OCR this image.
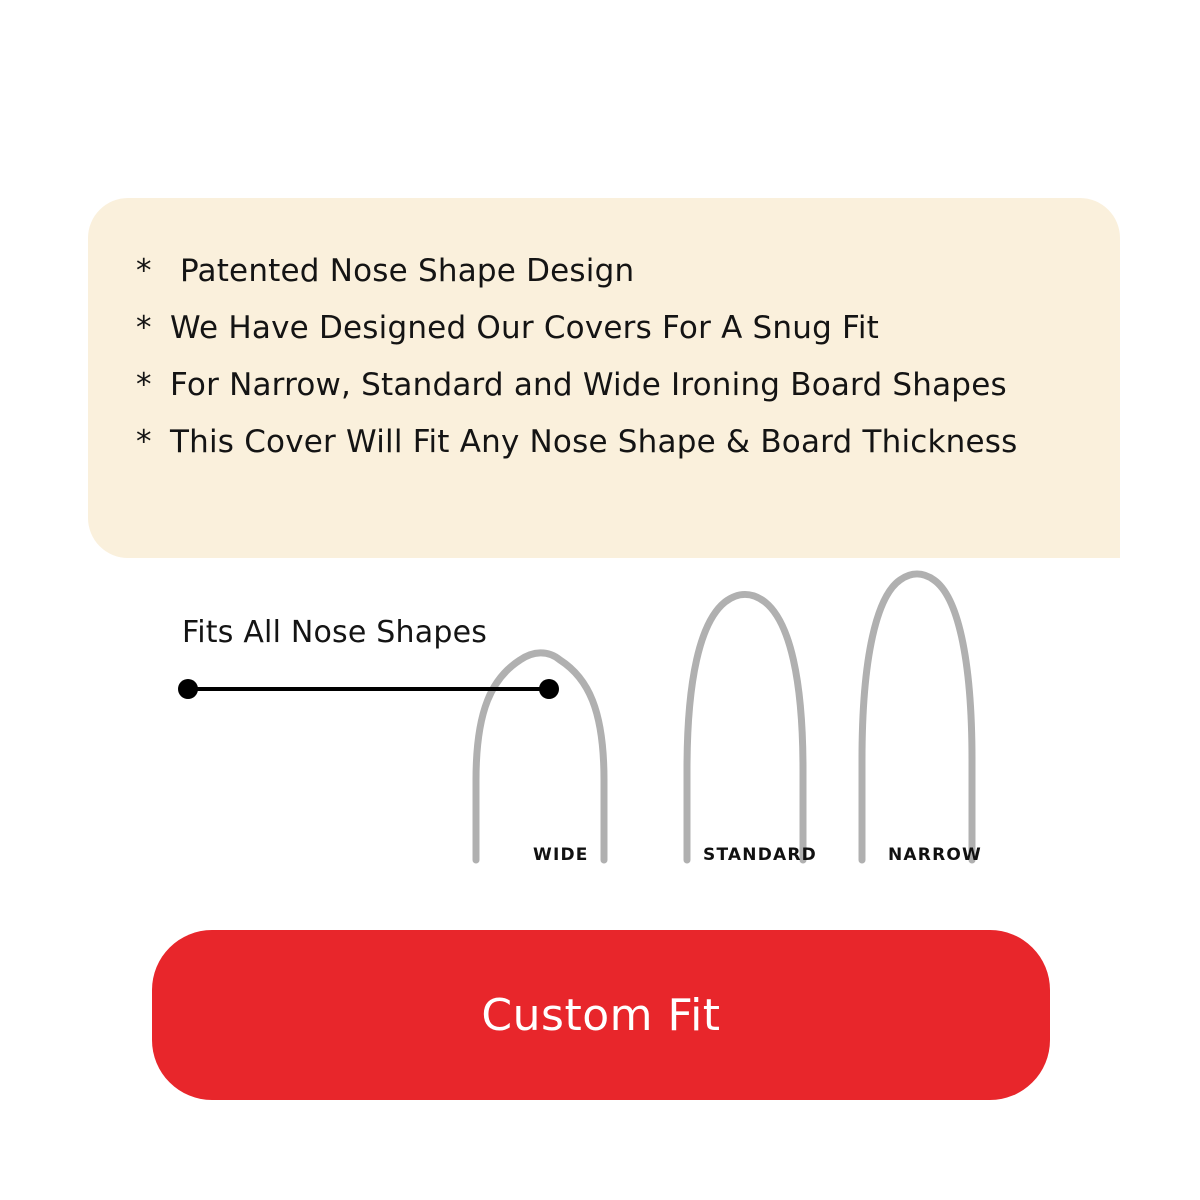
* Patented Nose Shape Design
* We Have Designed Our Covers For A Snug Fit
* For Narrow, Standard and Wide Ironing Board Shapes
* This Cover Will Fit Any Nose Shape & Board Thickness
Fits All Nose Shapes
WIDE	STANDARD	NARROW
Custom Fit
